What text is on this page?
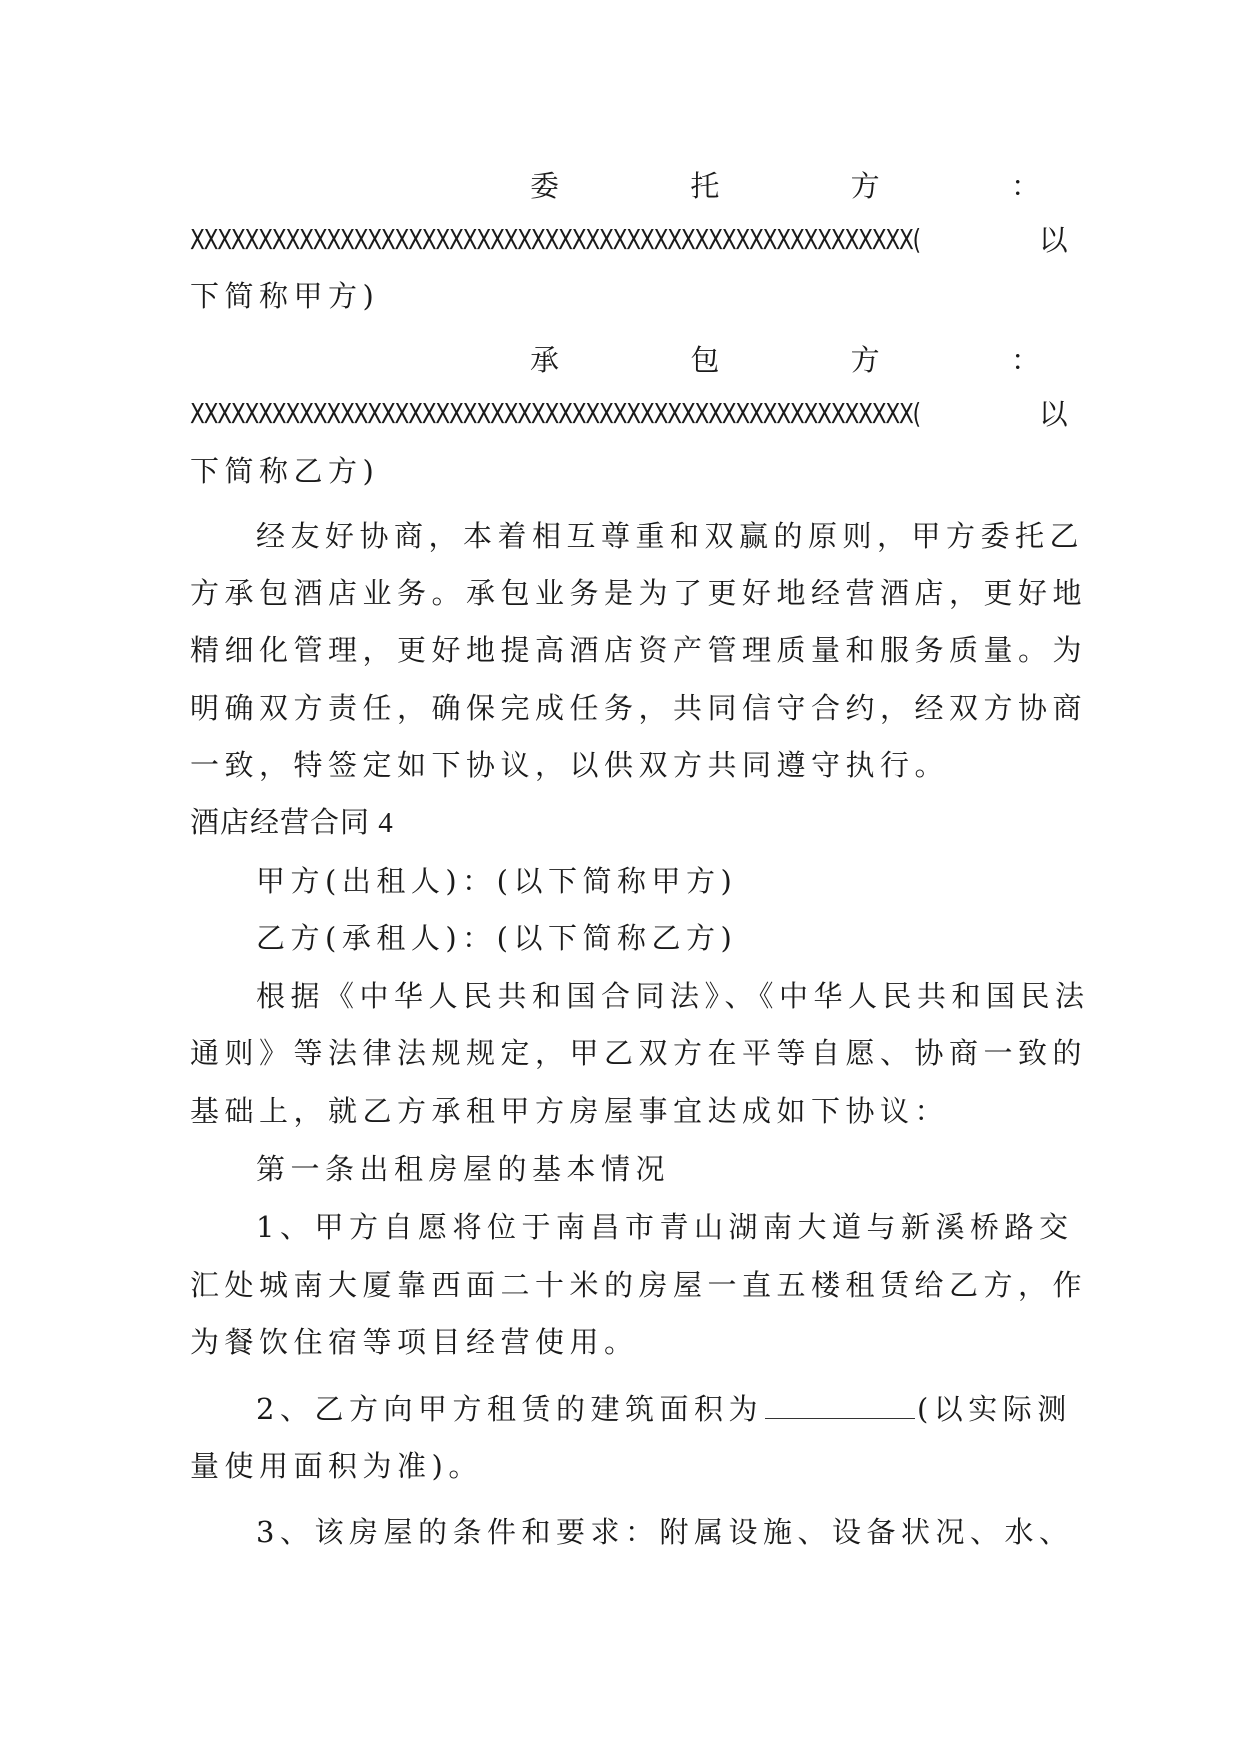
委	托	方	：
XXXXXXXXXXXXXXXXXXXXXXXXXXXXXXXXXXXXXXXXXXXXXXXXXXXXX(	以
下简称甲方)
承	包	方	：
XXXXXXXXXXXXXXXXXXXXXXXXXXXXXXXXXXXXXXXXXXXXXXXXXXXXX(	以
下简称乙方)
经友好协商，本着相互尊重和双赢的原则，甲方委托乙
方承包酒店业务。承包业务是为了更好地经营酒店，更好地
精细化管理，更好地提高酒店资产管理质量和服务质量。为
明确双方责任，确保完成任务，共同信守合约，经双方协商
一致，特签定如下协议，以供双方共同遵守执行。
酒店经营合同 4
甲方(出租人)：(以下简称甲方)
乙方(承租人)：(以下简称乙方)
根据《中华人民共和国合同法》、《中华人民共和国民法
通则》等法律法规规定，甲乙双方在平等自愿、协商一致的
基础上，就乙方承租甲方房屋事宜达成如下协议：
第一条出租房屋的基本情况
1、甲方自愿将位于南昌市青山湖南大道与新溪桥路交
汇处城南大厦靠西面二十米的房屋一直五楼租赁给乙方，作
为餐饮住宿等项目经营使用。
2、乙方向甲方租赁的建筑面积为	(以实际测
量使用面积为准)。
3、该房屋的条件和要求：附属设施、设备状况、水、
